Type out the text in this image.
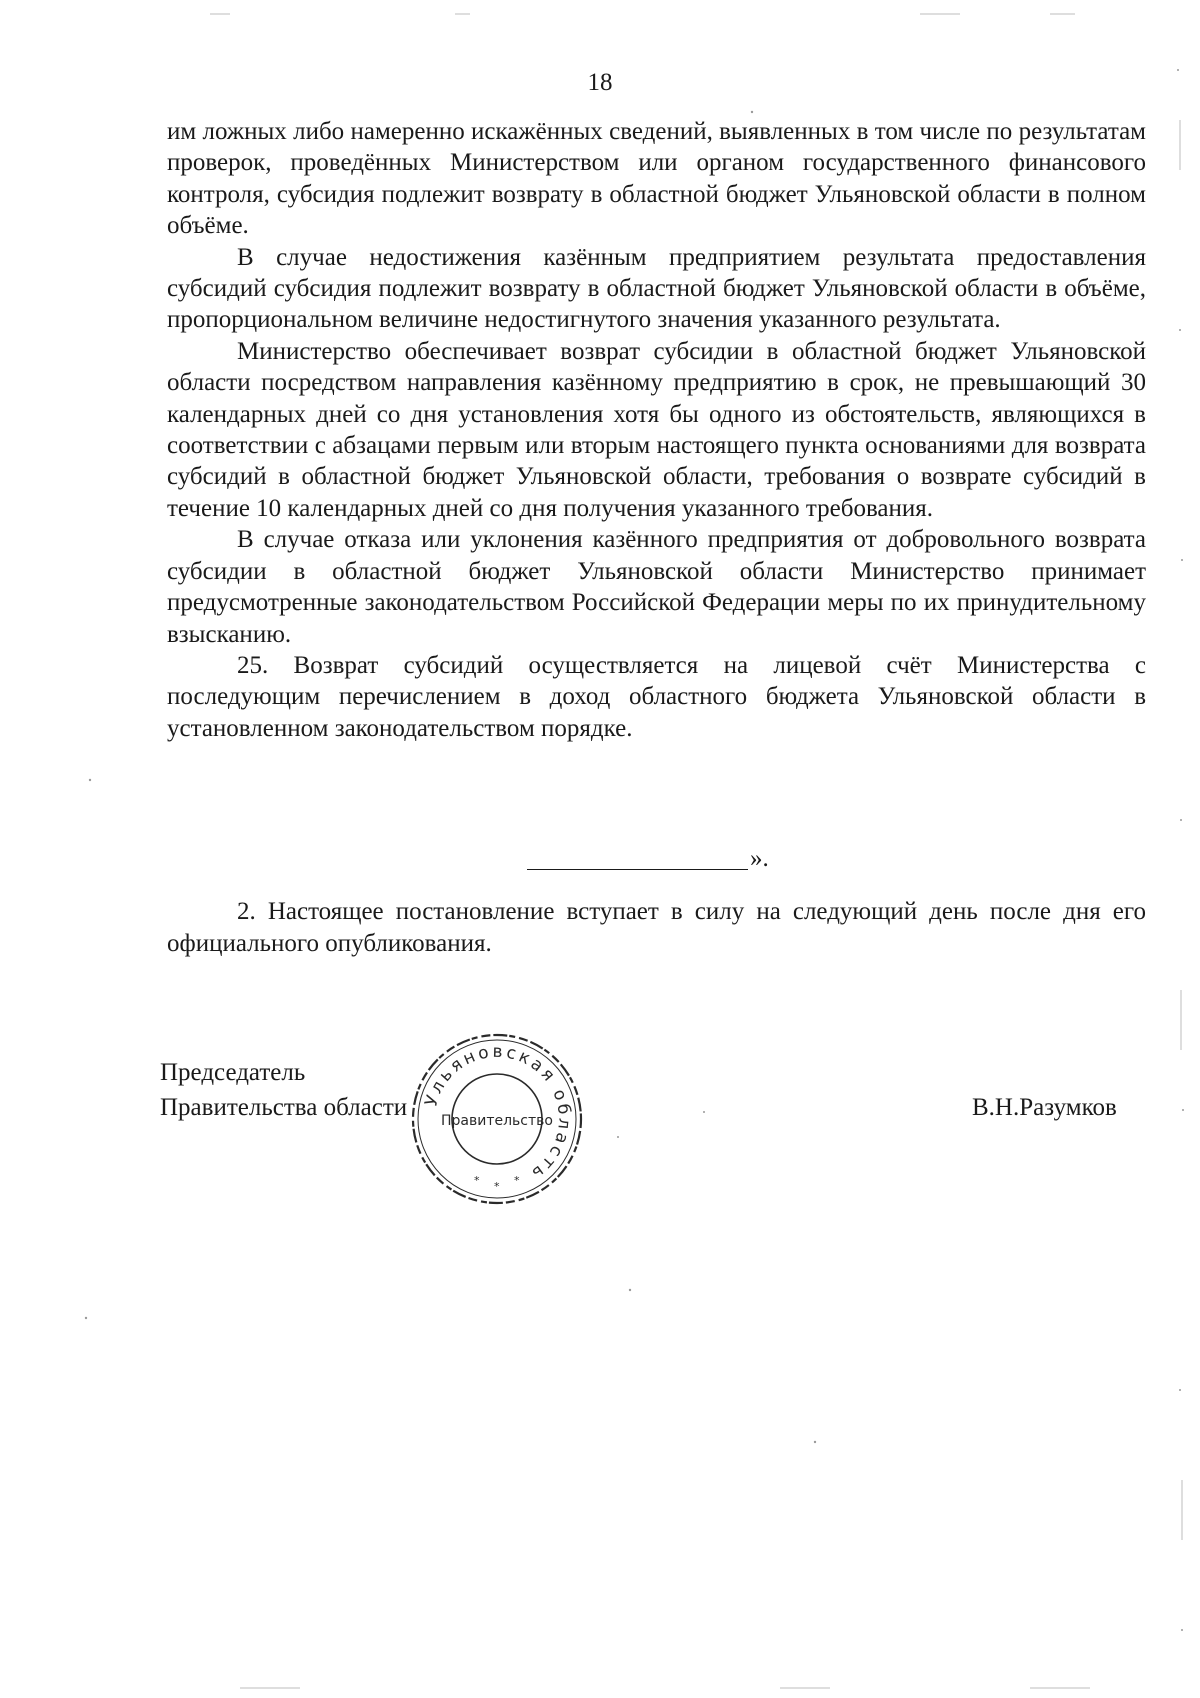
18

им ложных либо намеренно искажённых сведений, выявленных в том числе по результатам проверок, проведённых Министерством или органом государственного финансового контроля, субсидия подлежит возврату в областной бюджет Ульяновской области в полном объёме.

В случае недостижения казённым предприятием результата предоставления субсидий субсидия подлежит возврату в областной бюджет Ульяновской области в объёме, пропорциональном величине недостигнутого значения указанного результата.

Министерство обеспечивает возврат субсидии в областной бюджет Ульяновской области посредством направления казённому предприятию в срок, не превышающий 30 календарных дней со дня установления хотя бы одного из обстоятельств, являющихся в соответствии с абзацами первым или вторым настоящего пункта основаниями для возврата субсидий в областной бюджет Ульяновской области, требования о возврате субсидий в течение 10 календарных дней со дня получения указанного требования.

В случае отказа или уклонения казённого предприятия от добровольного возврата субсидии в областной бюджет Ульяновской области Министерство принимает предусмотренные законодательством Российской Федерации меры по их принудительному взысканию.

25. Возврат субсидий осуществляется на лицевой счёт Министерства с последующим перечислением в доход областного бюджета Ульяновской области в установленном законодательством порядке.

».

2. Настоящее постановление вступает в силу на следующий день после дня его официального опубликования.

Председатель
Правительства области	В.Н.Разумков
Ульяновская область
Правительство
* * *
